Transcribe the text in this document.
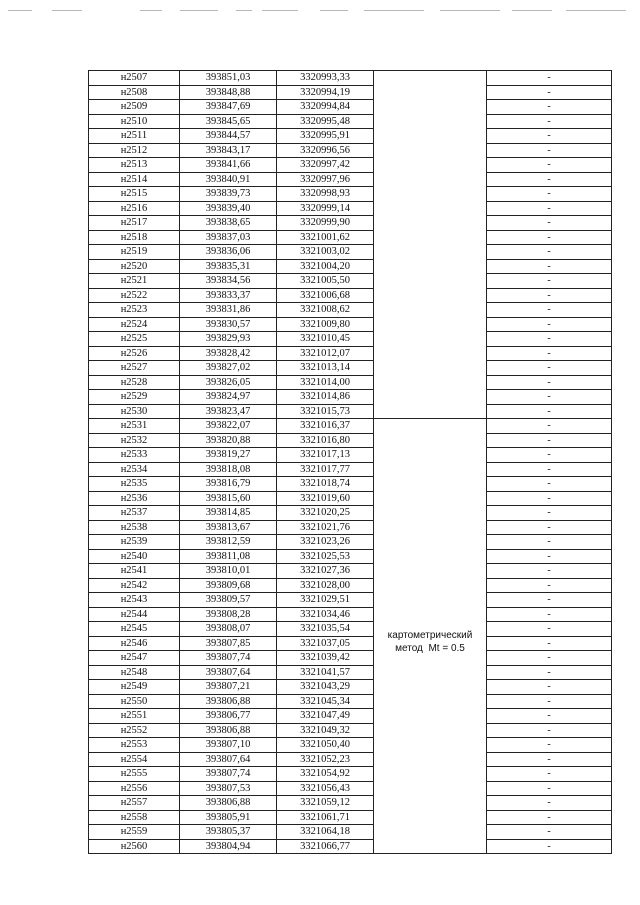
н2507	393851,03	3320993,33		-
н2508	393848,88	3320994,19		-
н2509	393847,69	3320994,84		-
н2510	393845,65	3320995,48		-
н2511	393844,57	3320995,91		-
н2512	393843,17	3320996,56		-
н2513	393841,66	3320997,42		-
н2514	393840,91	3320997,96		-
н2515	393839,73	3320998,93		-
н2516	393839,40	3320999,14		-
н2517	393838,65	3320999,90		-
н2518	393837,03	3321001,62		-
н2519	393836,06	3321003,02		-
н2520	393835,31	3321004,20		-
н2521	393834,56	3321005,50		-
н2522	393833,37	3321006,68		-
н2523	393831,86	3321008,62		-
н2524	393830,57	3321009,80		-
н2525	393829,93	3321010,45		-
н2526	393828,42	3321012,07		-
н2527	393827,02	3321013,14		-
н2528	393826,05	3321014,00		-
н2529	393824,97	3321014,86		-
н2530	393823,47	3321015,73		-
н2531	393822,07	3321016,37	картометрический
метод  Mt = 0.5	-
н2532	393820,88	3321016,80		-
н2533	393819,27	3321017,13		-
н2534	393818,08	3321017,77		-
н2535	393816,79	3321018,74		-
н2536	393815,60	3321019,60		-
н2537	393814,85	3321020,25		-
н2538	393813,67	3321021,76		-
н2539	393812,59	3321023,26		-
н2540	393811,08	3321025,53		-
н2541	393810,01	3321027,36		-
н2542	393809,68	3321028,00		-
н2543	393809,57	3321029,51		-
н2544	393808,28	3321034,46		-
н2545	393808,07	3321035,54		-
н2546	393807,85	3321037,05		-
н2547	393807,74	3321039,42		-
н2548	393807,64	3321041,57		-
н2549	393807,21	3321043,29		-
н2550	393806,88	3321045,34		-
н2551	393806,77	3321047,49		-
н2552	393806,88	3321049,32		-
н2553	393807,10	3321050,40		-
н2554	393807,64	3321052,23		-
н2555	393807,74	3321054,92		-
н2556	393807,53	3321056,43		-
н2557	393806,88	3321059,12		-
н2558	393805,91	3321061,71		-
н2559	393805,37	3321064,18		-
н2560	393804,94	3321066,77		-
